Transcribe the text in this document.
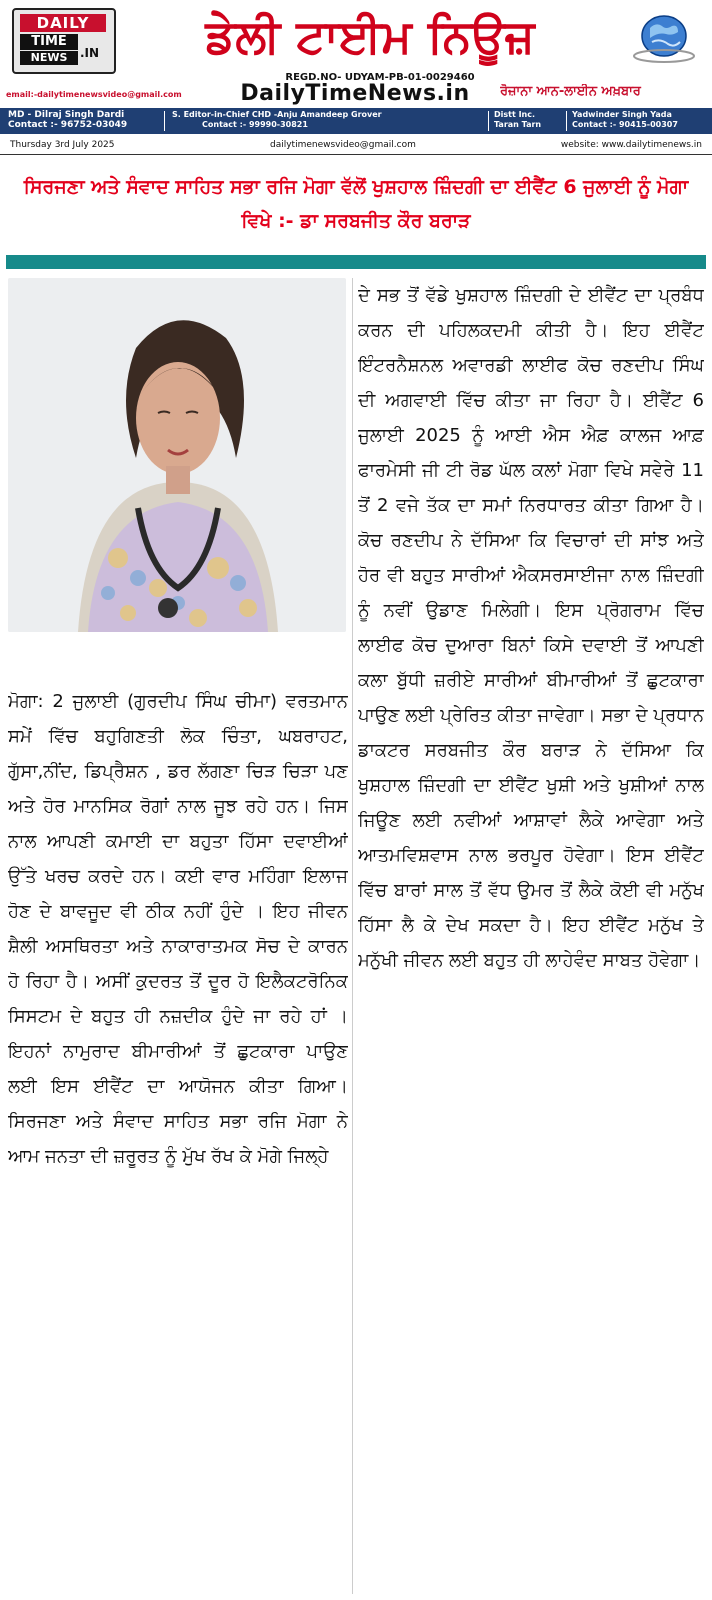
DAILY
TIME
NEWS	.IN	ਡੇਲੀ ਟਾਈਮ ਨਿਊਜ਼
REGD.NO- UDYAM-PB-01-0029460
email:-dailytimenewsvideo@gmail.com	DailyTimeNews.in	ਰੋਜ਼ਾਨਾ ਆਨ-ਲਾਈਨ ਅਖ਼ਬਾਰ
MD - Dilraj Singh Dardi
Contact :- 96752-03049
S. Editor-in-Chief CHD -Anju Amandeep Grover
Contact :- 99990-30821
Distt Inc.
Taran Tarn
Yadwinder Singh Yada
Contact :- 90415-00307
Thursday 3rd July 2025	dailytimenewsvideo@gmail.com	website: www.dailytimenews.in
ਸਿਰਜਣਾ ਅਤੇ ਸੰਵਾਦ ਸਾਹਿਤ ਸਭਾ ਰਜਿ ਮੋਗਾ ਵੱਲੋਂ ਖੁਸ਼ਹਾਲ ਜ਼ਿੰਦਗੀ ਦਾ ਈਵੈਂਟ 6 ਜੁਲਾਈ ਨੂੰ ਮੋਗਾ ਵਿਖੇ :- ਡਾ ਸਰਬਜੀਤ ਕੌਰ ਬਰਾੜ
ਮੋਗਾ: 2 ਜੁਲਾਈ (ਗੁਰਦੀਪ ਸਿੰਘ ਚੀਮਾ) ਵਰਤਮਾਨ ਸਮੇਂ ਵਿੱਚ ਬਹੁਗਿਣਤੀ ਲੋਕ ਚਿੰਤਾ, ਘਬਰਾਹਟ, ਗੁੱਸਾ,ਨੀਂਦ, ਡਿਪ੍ਰੈਸ਼ਨ , ਡਰ ਲੱਗਣਾ ਚਿੜ ਚਿੜਾ ਪਣ ਅਤੇ ਹੋਰ ਮਾਨਸਿਕ ਰੋਗਾਂ ਨਾਲ ਜੂਝ ਰਹੇ ਹਨ। ਜਿਸ ਨਾਲ ਆਪਣੀ ਕਮਾਈ ਦਾ ਬਹੁਤਾ ਹਿੱਸਾ ਦਵਾਈਆਂ ਉੱਤੇ ਖਰਚ ਕਰਦੇ ਹਨ। ਕਈ ਵਾਰ ਮਹਿੰਗਾ ਇਲਾਜ ਹੋਣ ਦੇ ਬਾਵਜੂਦ ਵੀ ਠੀਕ ਨਹੀਂ ਹੁੰਦੇ । ਇਹ ਜੀਵਨ ਸ਼ੈਲੀ ਅਸਥਿਰਤਾ ਅਤੇ ਨਾਕਾਰਾਤਮਕ ਸੋਚ ਦੇ ਕਾਰਨ ਹੋ ਰਿਹਾ ਹੈ। ਅਸੀਂ ਕੁਦਰਤ ਤੋਂ ਦੂਰ ਹੋ ਇਲੈਕਟਰੋਨਿਕ ਸਿਸਟਮ ਦੇ ਬਹੁਤ ਹੀ ਨਜ਼ਦੀਕ ਹੁੰਦੇ ਜਾ ਰਹੇ ਹਾਂ । ਇਹਨਾਂ ਨਾਮੁਰਾਦ ਬੀਮਾਰੀਆਂ ਤੋਂ ਛੁਟਕਾਰਾ ਪਾਉਣ ਲਈ ਇਸ ਈਵੈਂਟ ਦਾ ਆਯੋਜਨ ਕੀਤਾ ਗਿਆ। ਸਿਰਜਣਾ ਅਤੇ ਸੰਵਾਦ ਸਾਹਿਤ ਸਭਾ ਰਜਿ ਮੋਗਾ ਨੇ ਆਮ ਜਨਤਾ ਦੀ ਜ਼ਰੂਰਤ ਨੂੰ ਮੁੱਖ ਰੱਖ ਕੇ ਮੋਗੇ ਜਿਲ੍ਹੇ
ਦੇ ਸਭ ਤੋਂ ਵੱਡੇ ਖੁਸ਼ਹਾਲ ਜ਼ਿੰਦਗੀ ਦੇ ਈਵੈਂਟ ਦਾ ਪ੍ਰਬੰਧ ਕਰਨ ਦੀ ਪਹਿਲਕਦਮੀ ਕੀਤੀ ਹੈ। ਇਹ ਈਵੈਂਟ ਇੰਟਰਨੈਸ਼ਨਲ ਅਵਾਰਡੀ ਲਾਈਫ ਕੋਚ ਰਣਦੀਪ ਸਿੰਘ ਦੀ ਅਗਵਾਈ ਵਿੱਚ ਕੀਤਾ ਜਾ ਰਿਹਾ ਹੈ। ਈਵੈਂਟ 6 ਜੁਲਾਈ 2025 ਨੂੰ ਆਈ ਐਸ ਐਫ਼ ਕਾਲਜ ਆਫ਼ ਫਾਰਮੇਸੀ ਜੀ ਟੀ ਰੋਡ ਘੱਲ ਕਲਾਂ ਮੋਗਾ ਵਿਖੇ ਸਵੇਰੇ 11 ਤੋਂ 2 ਵਜੇ ਤੱਕ ਦਾ ਸਮਾਂ ਨਿਰਧਾਰਤ ਕੀਤਾ ਗਿਆ ਹੈ।ਕੋਚ ਰਣਦੀਪ ਨੇ ਦੱਸਿਆ ਕਿ ਵਿਚਾਰਾਂ ਦੀ ਸਾਂਝ ਅਤੇ ਹੋਰ ਵੀ ਬਹੁਤ ਸਾਰੀਆਂ ਐਕਸਰਸਾਈਜਾ ਨਾਲ ਜ਼ਿੰਦਗੀ ਨੂੰ ਨਵੀਂ ਉਡਾਣ ਮਿਲੇਗੀ। ਇਸ ਪ੍ਰੋਗਰਾਮ ਵਿੱਚ ਲਾਈਫ ਕੋਚ ਦੁਆਰਾ ਬਿਨਾਂ ਕਿਸੇ ਦਵਾਈ ਤੋਂ ਆਪਣੀ ਕਲਾ ਬੁੱਧੀ ਜ਼ਰੀਏ ਸਾਰੀਆਂ ਬੀਮਾਰੀਆਂ ਤੋਂ ਛੁਟਕਾਰਾ ਪਾਉਣ ਲਈ ਪ੍ਰੇਰਿਤ ਕੀਤਾ ਜਾਵੇਗਾ। ਸਭਾ ਦੇ ਪ੍ਰਧਾਨ ਡਾਕਟਰ ਸਰਬਜੀਤ ਕੌਰ ਬਰਾੜ ਨੇ ਦੱਸਿਆ ਕਿ ਖੁਸ਼ਹਾਲ ਜ਼ਿੰਦਗੀ ਦਾ ਈਵੈਂਟ ਖੁਸ਼ੀ ਅਤੇ ਖੁਸ਼ੀਆਂ ਨਾਲ ਜਿਊਣ ਲਈ ਨਵੀਆਂ ਆਸ਼ਾਵਾਂ ਲੈਕੇ ਆਵੇਗਾ ਅਤੇ ਆਤਮਵਿਸ਼ਵਾਸ ਨਾਲ ਭਰਪੂਰ ਹੋਵੇਗਾ। ਇਸ ਈਵੈਂਟ ਵਿੱਚ ਬਾਰਾਂ ਸਾਲ ਤੋਂ ਵੱਧ ਉਮਰ ਤੋਂ ਲੈਕੇ ਕੋਈ ਵੀ ਮਨੁੱਖ ਹਿੱਸਾ ਲੈ ਕੇ ਦੇਖ ਸਕਦਾ ਹੈ। ਇਹ ਈਵੈਂਟ ਮਨੁੱਖ ਤੇ ਮਨੁੱਖੀ ਜੀਵਨ ਲਈ ਬਹੁਤ ਹੀ ਲਾਹੇਵੰਦ ਸਾਬਤ ਹੋਵੇਗਾ।
